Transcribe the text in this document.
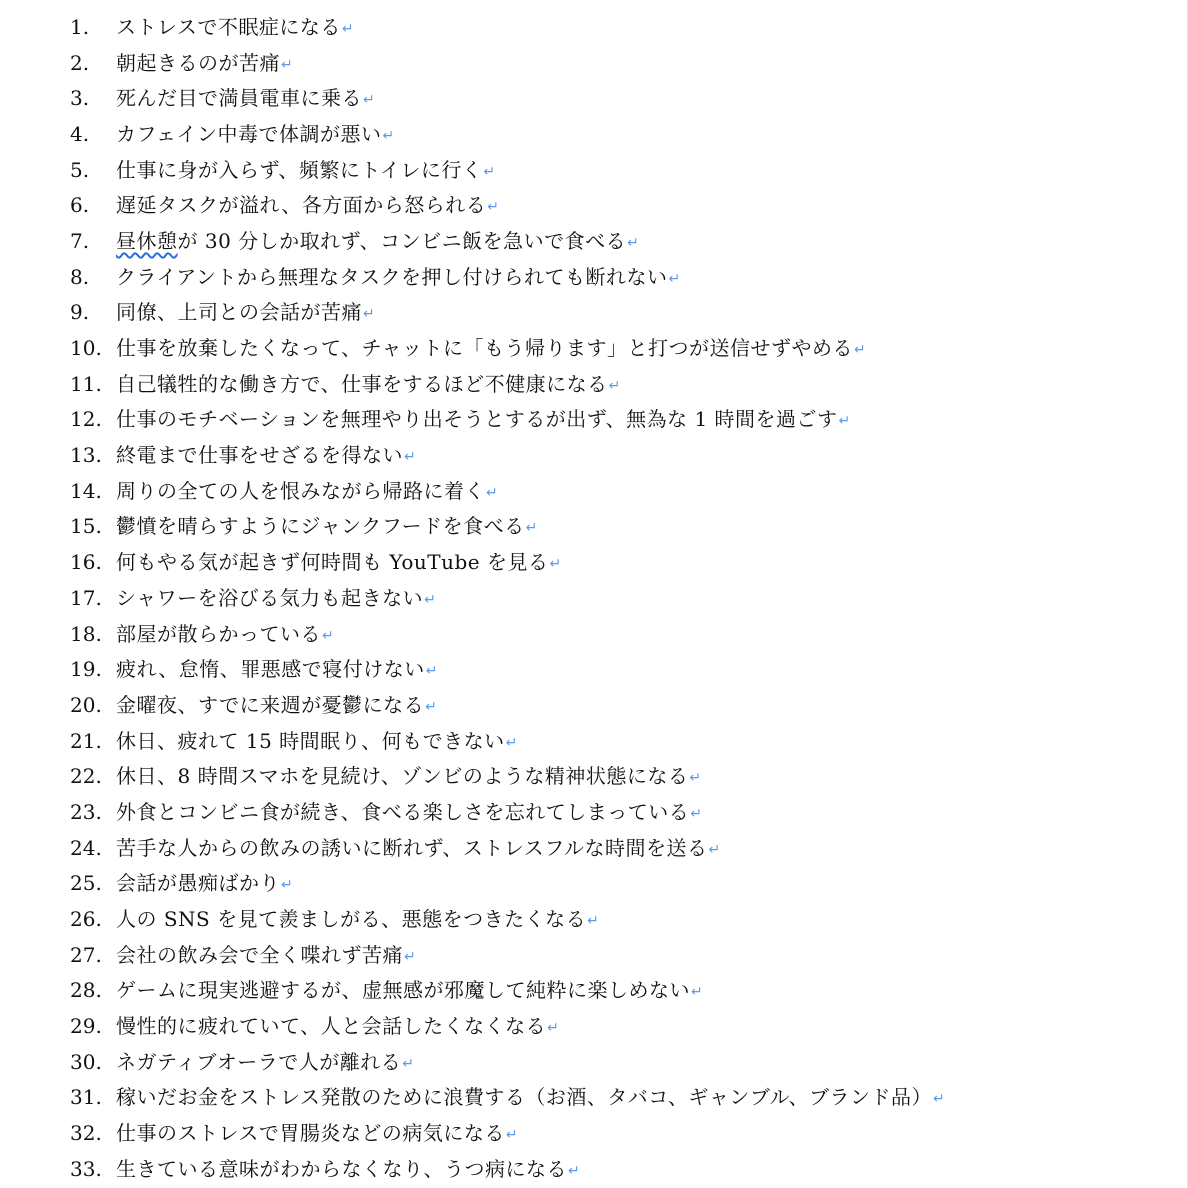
1.	ストレスで不眠症になる ↵
2.	朝起きるのが苦痛 ↵
3.	死んだ目で満員電車に乗る ↵
4.	カフェイン中毒で体調が悪い ↵
5.	仕事に身が入らず、頻繁にトイレに行く ↵
6.	遅延タスクが溢れ、各方面から怒られる ↵
7.	昼休憩が 30 分しか取れず、コンビニ飯を急いで食べる ↵
8.	クライアントから無理なタスクを押し付けられても断れない ↵
9.	同僚、上司との会話が苦痛 ↵
10. 仕事を放棄したくなって、チャットに「もう帰ります」と打つが送信せずやめる ↵
11. 自己犠牲的な働き方で、仕事をするほど不健康になる ↵
12. 仕事のモチベーションを無理やり出そうとするが出ず、無為な 1 時間を過ごす ↵
13. 終電まで仕事をせざるを得ない ↵
14. 周りの全ての人を恨みながら帰路に着く ↵
15. 鬱憤を晴らすようにジャンクフードを食べる ↵
16. 何もやる気が起きず何時間も YouTube を見る ↵
17. シャワーを浴びる気力も起きない ↵
18. 部屋が散らかっている ↵
19. 疲れ、怠惰、罪悪感で寝付けない ↵
20. 金曜夜、すでに来週が憂鬱になる ↵
21. 休日、疲れて 15 時間眠り、何もできない ↵
22. 休日、8 時間スマホを見続け、ゾンビのような精神状態になる ↵
23. 外食とコンビニ食が続き、食べる楽しさを忘れてしまっている ↵
24. 苦手な人からの飲みの誘いに断れず、ストレスフルな時間を送る ↵
25. 会話が愚痴ばかり ↵
26. 人の SNS を見て羨ましがる、悪態をつきたくなる ↵
27. 会社の飲み会で全く喋れず苦痛 ↵
28. ゲームに現実逃避するが、虚無感が邪魔して純粋に楽しめない ↵
29. 慢性的に疲れていて、人と会話したくなくなる ↵
30. ネガティブオーラで人が離れる ↵
31. 稼いだお金をストレス発散のために浪費する（お酒、タバコ、ギャンブル、ブランド品） ↵
32. 仕事のストレスで胃腸炎などの病気になる ↵
33. 生きている意味がわからなくなり、うつ病になる ↵
